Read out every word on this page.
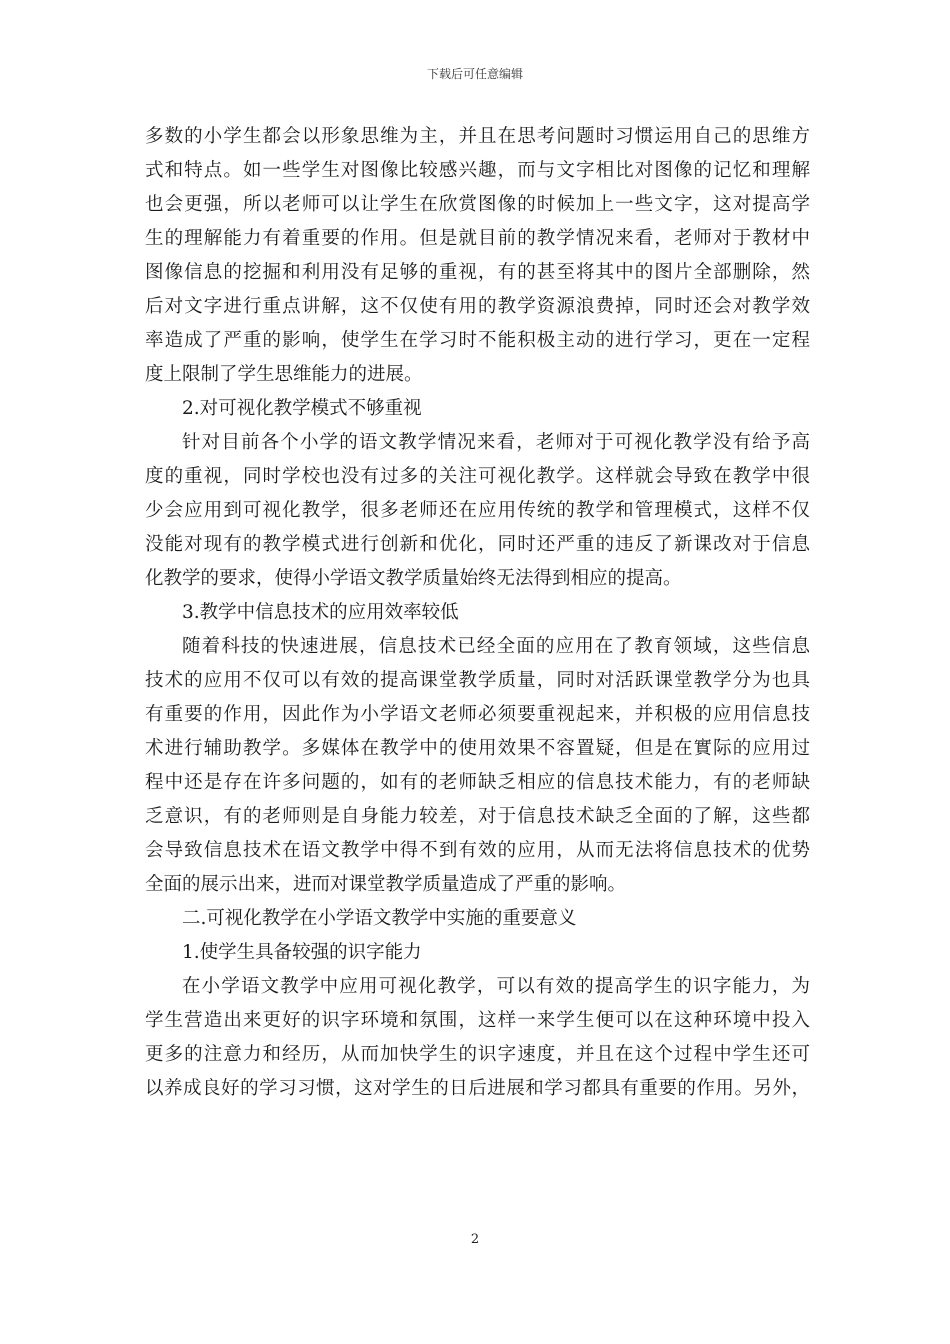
下载后可任意编辑
多数的小学生都会以形象思维为主，并且在思考问题时习惯运用自己的思维方
式和特点。如一些学生对图像比较感兴趣，而与文字相比对图像的记忆和理解
也会更强，所以老师可以让学生在欣赏图像的时候加上一些文字，这对提高学
生的理解能力有着重要的作用。但是就目前的教学情况来看，老师对于教材中
图像信息的挖掘和利用没有足够的重视，有的甚至将其中的图片全部删除，然
后对文字进行重点讲解，这不仅使有用的教学资源浪费掉，同时还会对教学效
率造成了严重的影响，使学生在学习时不能积极主动的进行学习，更在一定程
度上限制了学生思维能力的进展。
2.对可视化教学模式不够重视
针对目前各个小学的语文教学情况来看，老师对于可视化教学没有给予高
度的重视，同时学校也没有过多的关注可视化教学。这样就会导致在教学中很
少会应用到可视化教学，很多老师还在应用传统的教学和管理模式，这样不仅
没能对现有的教学模式进行创新和优化，同时还严重的违反了新课改对于信息
化教学的要求，使得小学语文教学质量始终无法得到相应的提高。
3.教学中信息技术的应用效率较低
随着科技的快速进展，信息技术已经全面的应用在了教育领域，这些信息
技术的应用不仅可以有效的提高课堂教学质量，同时对活跃课堂教学分为也具
有重要的作用，因此作为小学语文老师必须要重视起来，并积极的应用信息技
术进行辅助教学。多媒体在教学中的使用效果不容置疑，但是在實际的应用过
程中还是存在许多问题的，如有的老师缺乏相应的信息技术能力，有的老师缺
乏意识，有的老师则是自身能力较差，对于信息技术缺乏全面的了解，这些都
会导致信息技术在语文教学中得不到有效的应用，从而无法将信息技术的优势
全面的展示出来，进而对课堂教学质量造成了严重的影响。
二.可视化教学在小学语文教学中实施的重要意义
1.使学生具备较强的识字能力
在小学语文教学中应用可视化教学，可以有效的提高学生的识字能力，为
学生营造出来更好的识字环境和氛围，这样一来学生便可以在这种环境中投入
更多的注意力和经历，从而加快学生的识字速度，并且在这个过程中学生还可
以养成良好的学习习惯，这对学生的日后进展和学习都具有重要的作用。另外，
2
